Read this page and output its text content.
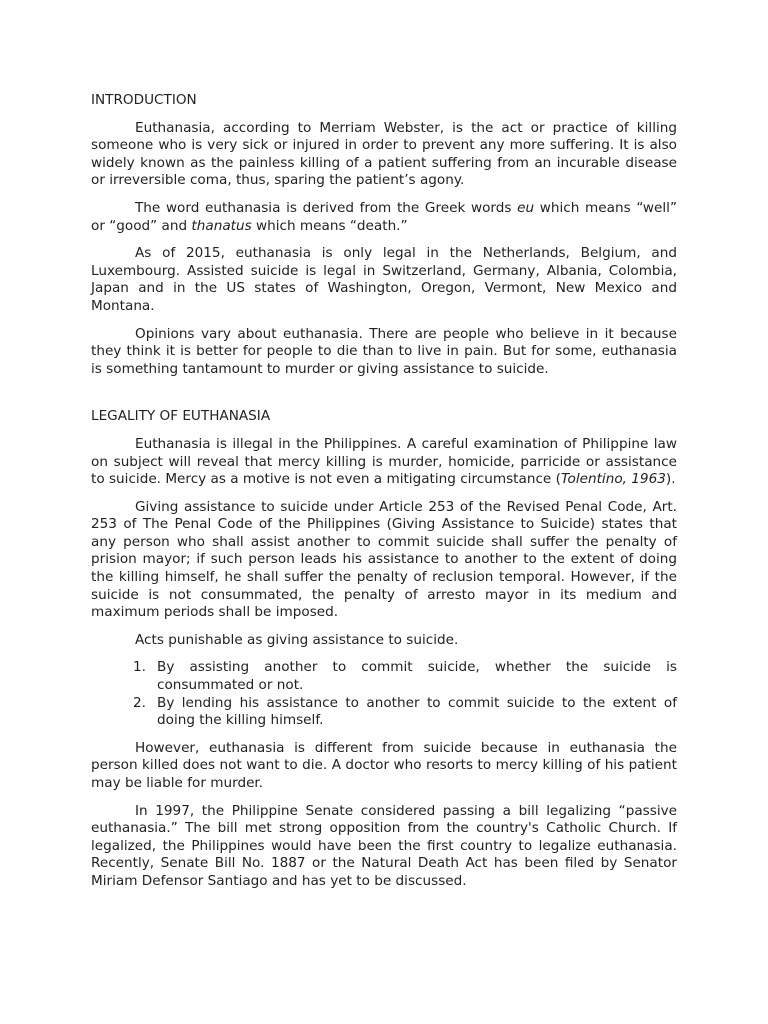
INTRODUCTION

Euthanasia, according to Merriam Webster, is the act or practice of killing someone who is very sick or injured in order to prevent any more suffering. It is also widely known as the painless killing of a patient suffering from an incurable disease or irreversible coma, thus, sparing the patient’s agony.

The word euthanasia is derived from the Greek words eu which means “well” or “good” and thanatus which means “death.”

As of 2015, euthanasia is only legal in the Netherlands, Belgium, and Luxembourg. Assisted suicide is legal in Switzerland, Germany, Albania, Colombia, Japan and in the US states of Washington, Oregon, Vermont, New Mexico and Montana.

Opinions vary about euthanasia. There are people who believe in it because they think it is better for people to die than to live in pain. But for some, euthanasia is something tantamount to murder or giving assistance to suicide.

LEGALITY OF EUTHANASIA

Euthanasia is illegal in the Philippines. A careful examination of Philippine law on subject will reveal that mercy killing is murder, homicide, parricide or assistance to suicide. Mercy as a motive is not even a mitigating circumstance (Tolentino, 1963).

Giving assistance to suicide under Article 253 of the Revised Penal Code, Art. 253 of The Penal Code of the Philippines (Giving Assistance to Suicide) states that any person who shall assist another to commit suicide shall suffer the penalty of prision mayor; if such person leads his assistance to another to the extent of doing the killing himself, he shall suffer the penalty of reclusion temporal. However, if the suicide is not consummated, the penalty of arresto mayor in its medium and maximum periods shall be imposed.

Acts punishable as giving assistance to suicide.

1. By assisting another to commit suicide, whether the suicide is consummated or not.
2. By lending his assistance to another to commit suicide to the extent of doing the killing himself.

However, euthanasia is different from suicide because in euthanasia the person killed does not want to die. A doctor who resorts to mercy killing of his patient may be liable for murder.

In 1997, the Philippine Senate considered passing a bill legalizing “passive euthanasia.” The bill met strong opposition from the country's Catholic Church. If legalized, the Philippines would have been the first country to legalize euthanasia. Recently, Senate Bill No. 1887 or the Natural Death Act has been filed by Senator Miriam Defensor Santiago and has yet to be discussed.
